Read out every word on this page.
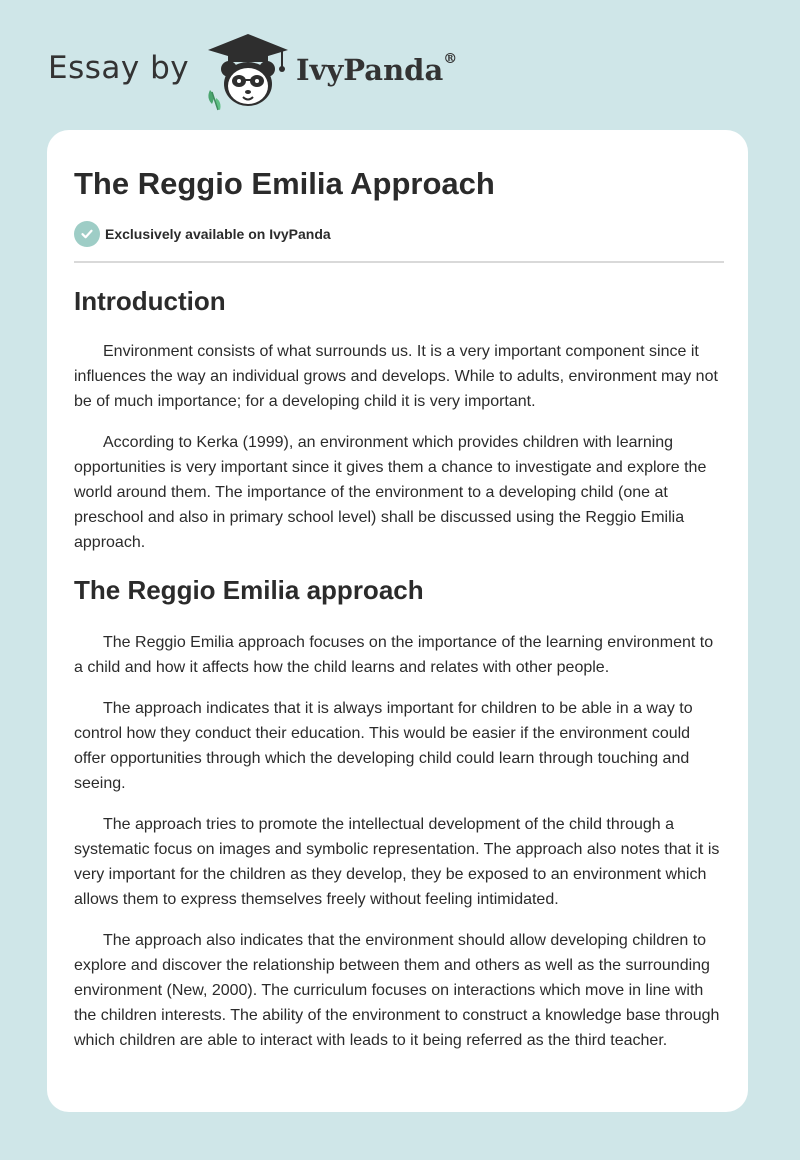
Essay by	IvyPanda®
The Reggio Emilia Approach
Exclusively available on IvyPanda
Introduction

Environment consists of what surrounds us. It is a very important component since it influences the way an individual grows and develops. While to adults, environment may not be of much importance; for a developing child it is very important.

According to Kerka (1999), an environment which provides children with learning opportunities is very important since it gives them a chance to investigate and explore the world around them. The importance of the environment to a developing child (one at preschool and also in primary school level) shall be discussed using the Reggio Emilia approach.

The Reggio Emilia approach

The Reggio Emilia approach focuses on the importance of the learning environment to a child and how it affects how the child learns and relates with other people.

The approach indicates that it is always important for children to be able in a way to control how they conduct their education. This would be easier if the environment could offer opportunities through which the developing child could learn through touching and seeing.

The approach tries to promote the intellectual development of the child through a systematic focus on images and symbolic representation. The approach also notes that it is very important for the children as they develop, they be exposed to an environment which allows them to express themselves freely without feeling intimidated.

The approach also indicates that the environment should allow developing children to explore and discover the relationship between them and others as well as the surrounding environment (New, 2000). The curriculum focuses on interactions which move in line with the children interests. The ability of the environment to construct a knowledge base through which children are able to interact with leads to it being referred as the third teacher.
